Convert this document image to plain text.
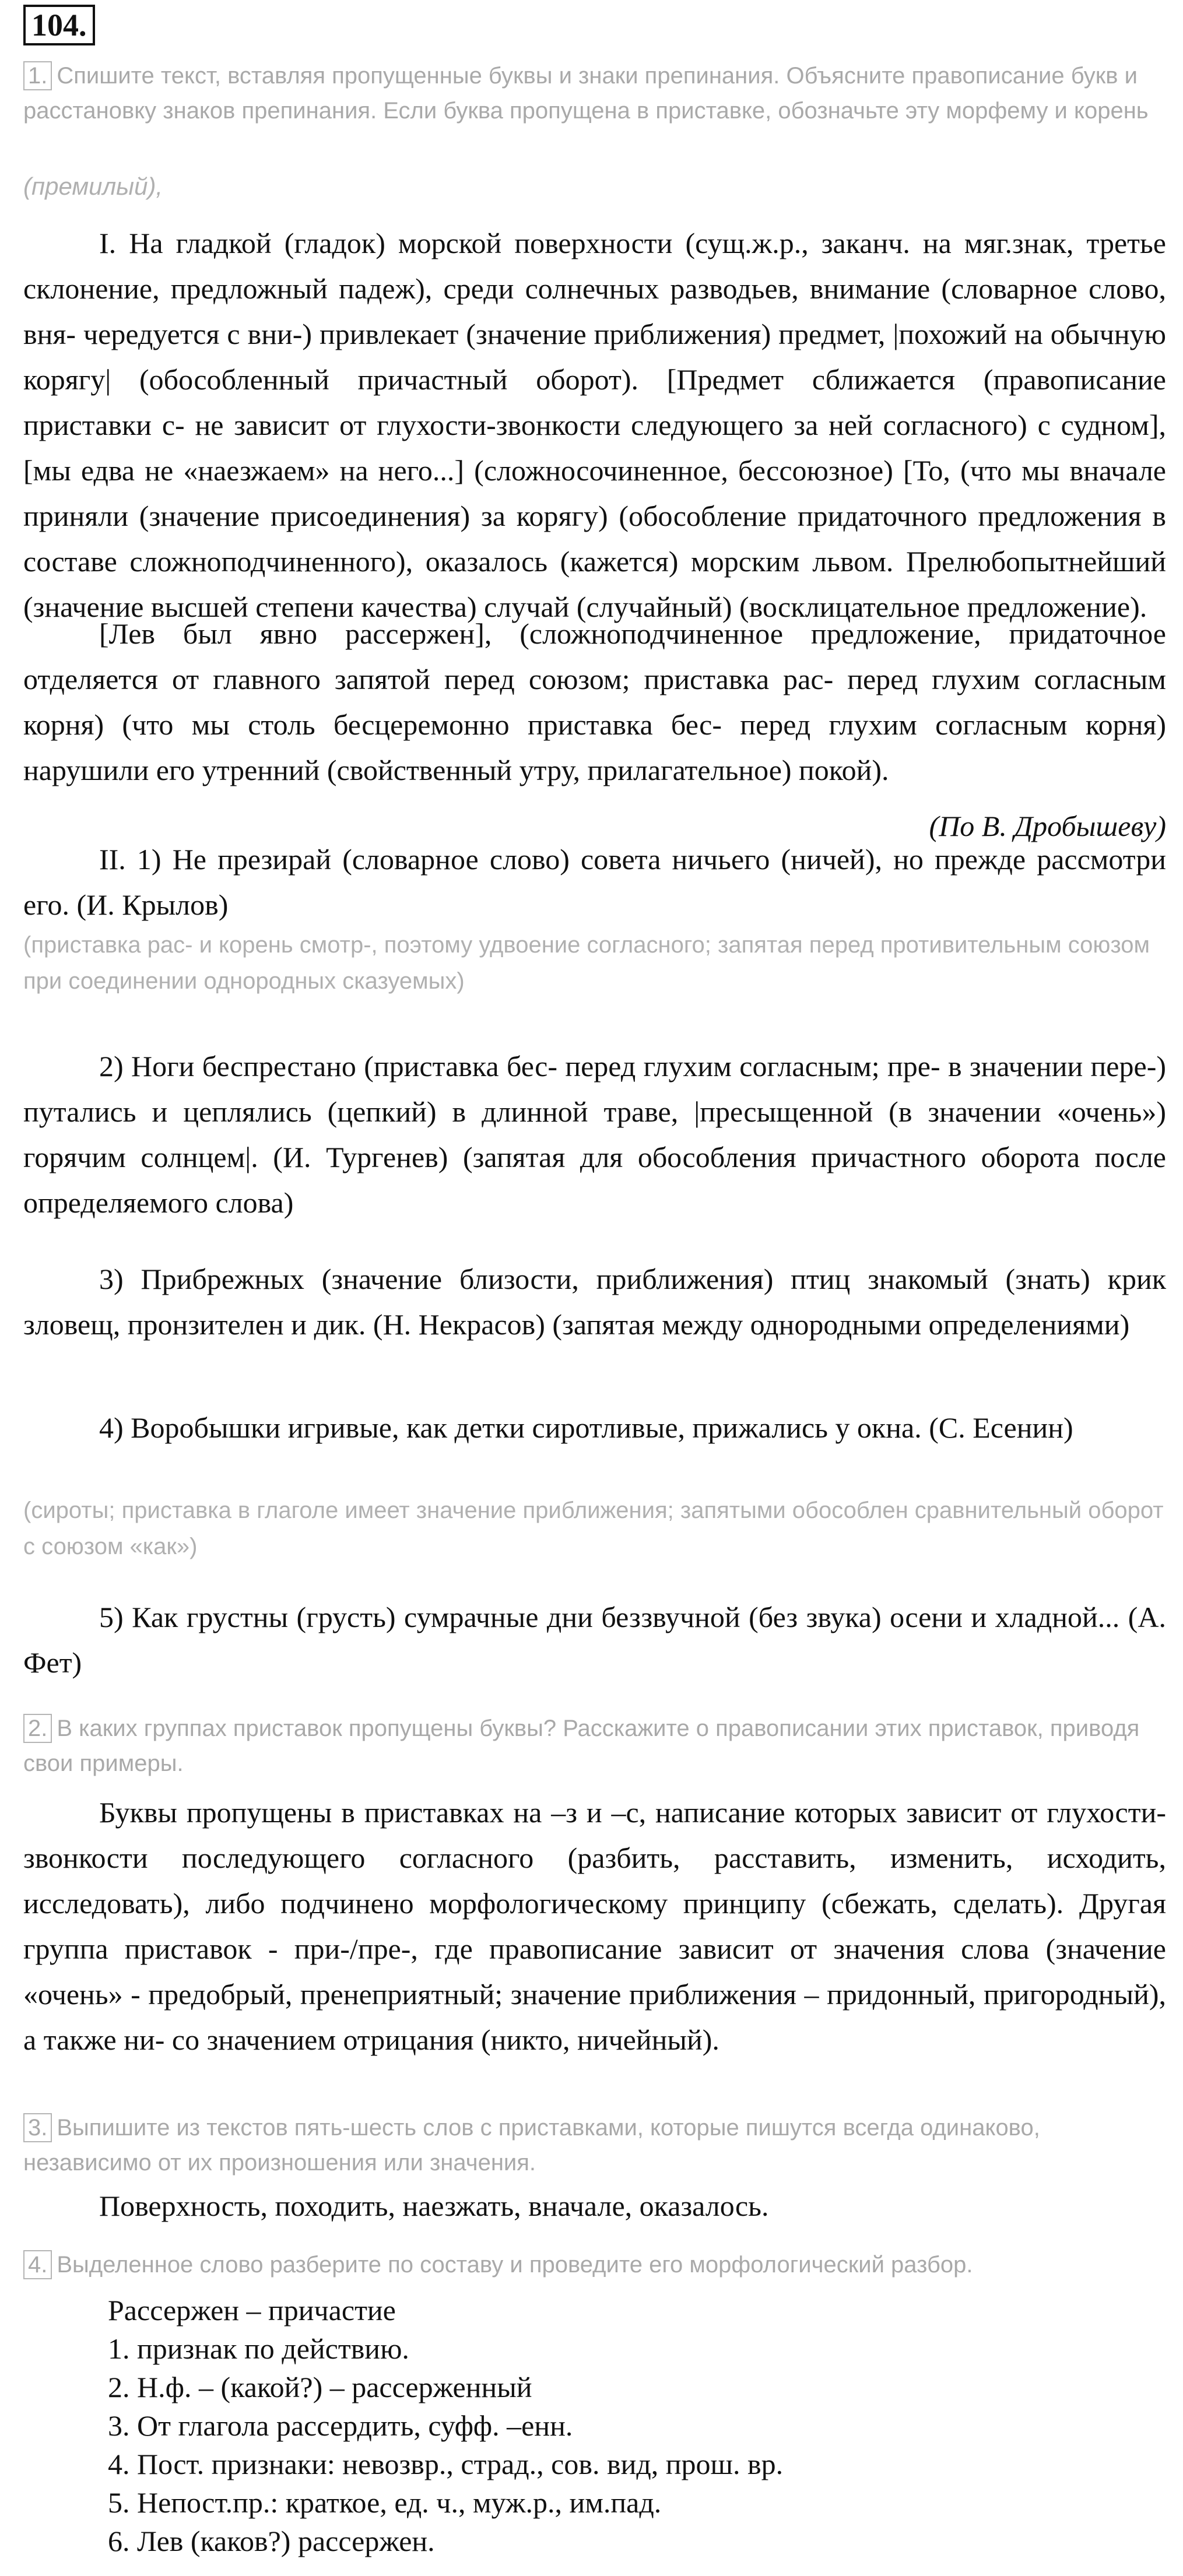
104.
1. Спишите текст, вставляя пропущенные буквы и знаки препинания. Объясните правописание букв и расстановку знаков препинания. Если буква пропущена в приставке, обозначьте эту морфему и корень
(премилый),
I. На гладкой (гладок) морской поверхности (сущ.ж.р., заканч. на мяг.знак, третье склонение, предложный падеж), среди солнечных разводьев, внимание (словарное слово, вня- чередуется с вни-) привлекает (значение приближения) предмет, |похожий на обычную корягу| (обособленный причастный оборот). [Предмет сближается (правописание приставки с- не зависит от глухости-звонкости следующего за ней согласного) с судном], [мы едва не «наезжаем» на него...] (сложносочиненное, бессоюзное) [То, (что мы вначале приняли (значение присоединения) за корягу) (обособление придаточного предложения в составе сложноподчиненного), оказалось (кажется) морским львом. Прелюбопытнейший (значение высшей степени качества) случай (случайный) (восклицательное предложение).
[Лев был явно рассержен], (сложноподчиненное предложение, придаточное отделяется от главного запятой перед союзом; приставка рас- перед глухим согласным корня) (что мы столь бесцеремонно приставка бес- перед глухим согласным корня) нарушили его утренний (свойственный утру, прилагательное) покой).
(По В. Дробышеву)
II. 1) Не презирай (словарное слово) совета ничьего (ничей), но прежде рассмотри его. (И. Крылов)
(приставка рас- и корень смотр-, поэтому удвоение согласного; запятая перед противительным союзом при соединении однородных сказуемых)
2) Ноги беспрестано (приставка бес- перед глухим согласным; пре- в значении пере-) путались и цеплялись (цепкий) в длинной траве, |пресыщенной (в значении «очень») горячим солнцем|. (И. Тургенев) (запятая для обособления причастного оборота после определяемого слова)
3) Прибрежных (значение близости, приближения) птиц знакомый (знать) крик зловещ, пронзителен и дик. (Н. Некрасов) (запятая между однородными определениями)
4) Воробышки игривые, как детки сиротливые, прижались у окна. (С. Есенин)
(сироты; приставка в глаголе имеет значение приближения; запятыми обособлен сравнительный оборот с союзом «как»)
5) Как грустны (грусть) сумрачные дни беззвучной (без звука) осени и хладной... (А. Фет)
2. В каких группах приставок пропущены буквы? Расскажите о правописании этих приставок, приводя свои примеры.
Буквы пропущены в приставках на –з и –с, написание которых зависит от глухости-звонкости последующего согласного (разбить, расставить, изменить, исходить, исследовать), либо подчинено морфологическому принципу (сбежать, сделать). Другая группа приставок - при-/пре-, где правописание зависит от значения слова (значение «очень» - предобрый, пренеприятный; значение приближения – придонный, пригородный), а также ни- со значением отрицания (никто, ничейный).
3. Выпишите из текстов пять-шесть слов с приставками, которые пишутся всегда одинаково, независимо от их произношения или значения.
Поверхность, походить, наезжать, вначале, оказалось.
4. Выделенное слово разберите по составу и проведите его морфологический разбор.
Рассержен – причастие
1. признак по действию.
2. Н.ф. – (какой?) – рассерженный
3. От глагола рассердить, суфф. –енн.
4. Пост. признаки: невозвр., страд., сов. вид, прош. вр.
5. Непост.пр.: краткое, ед. ч., муж.р., им.пад.
6. Лев (каков?) рассержен.
